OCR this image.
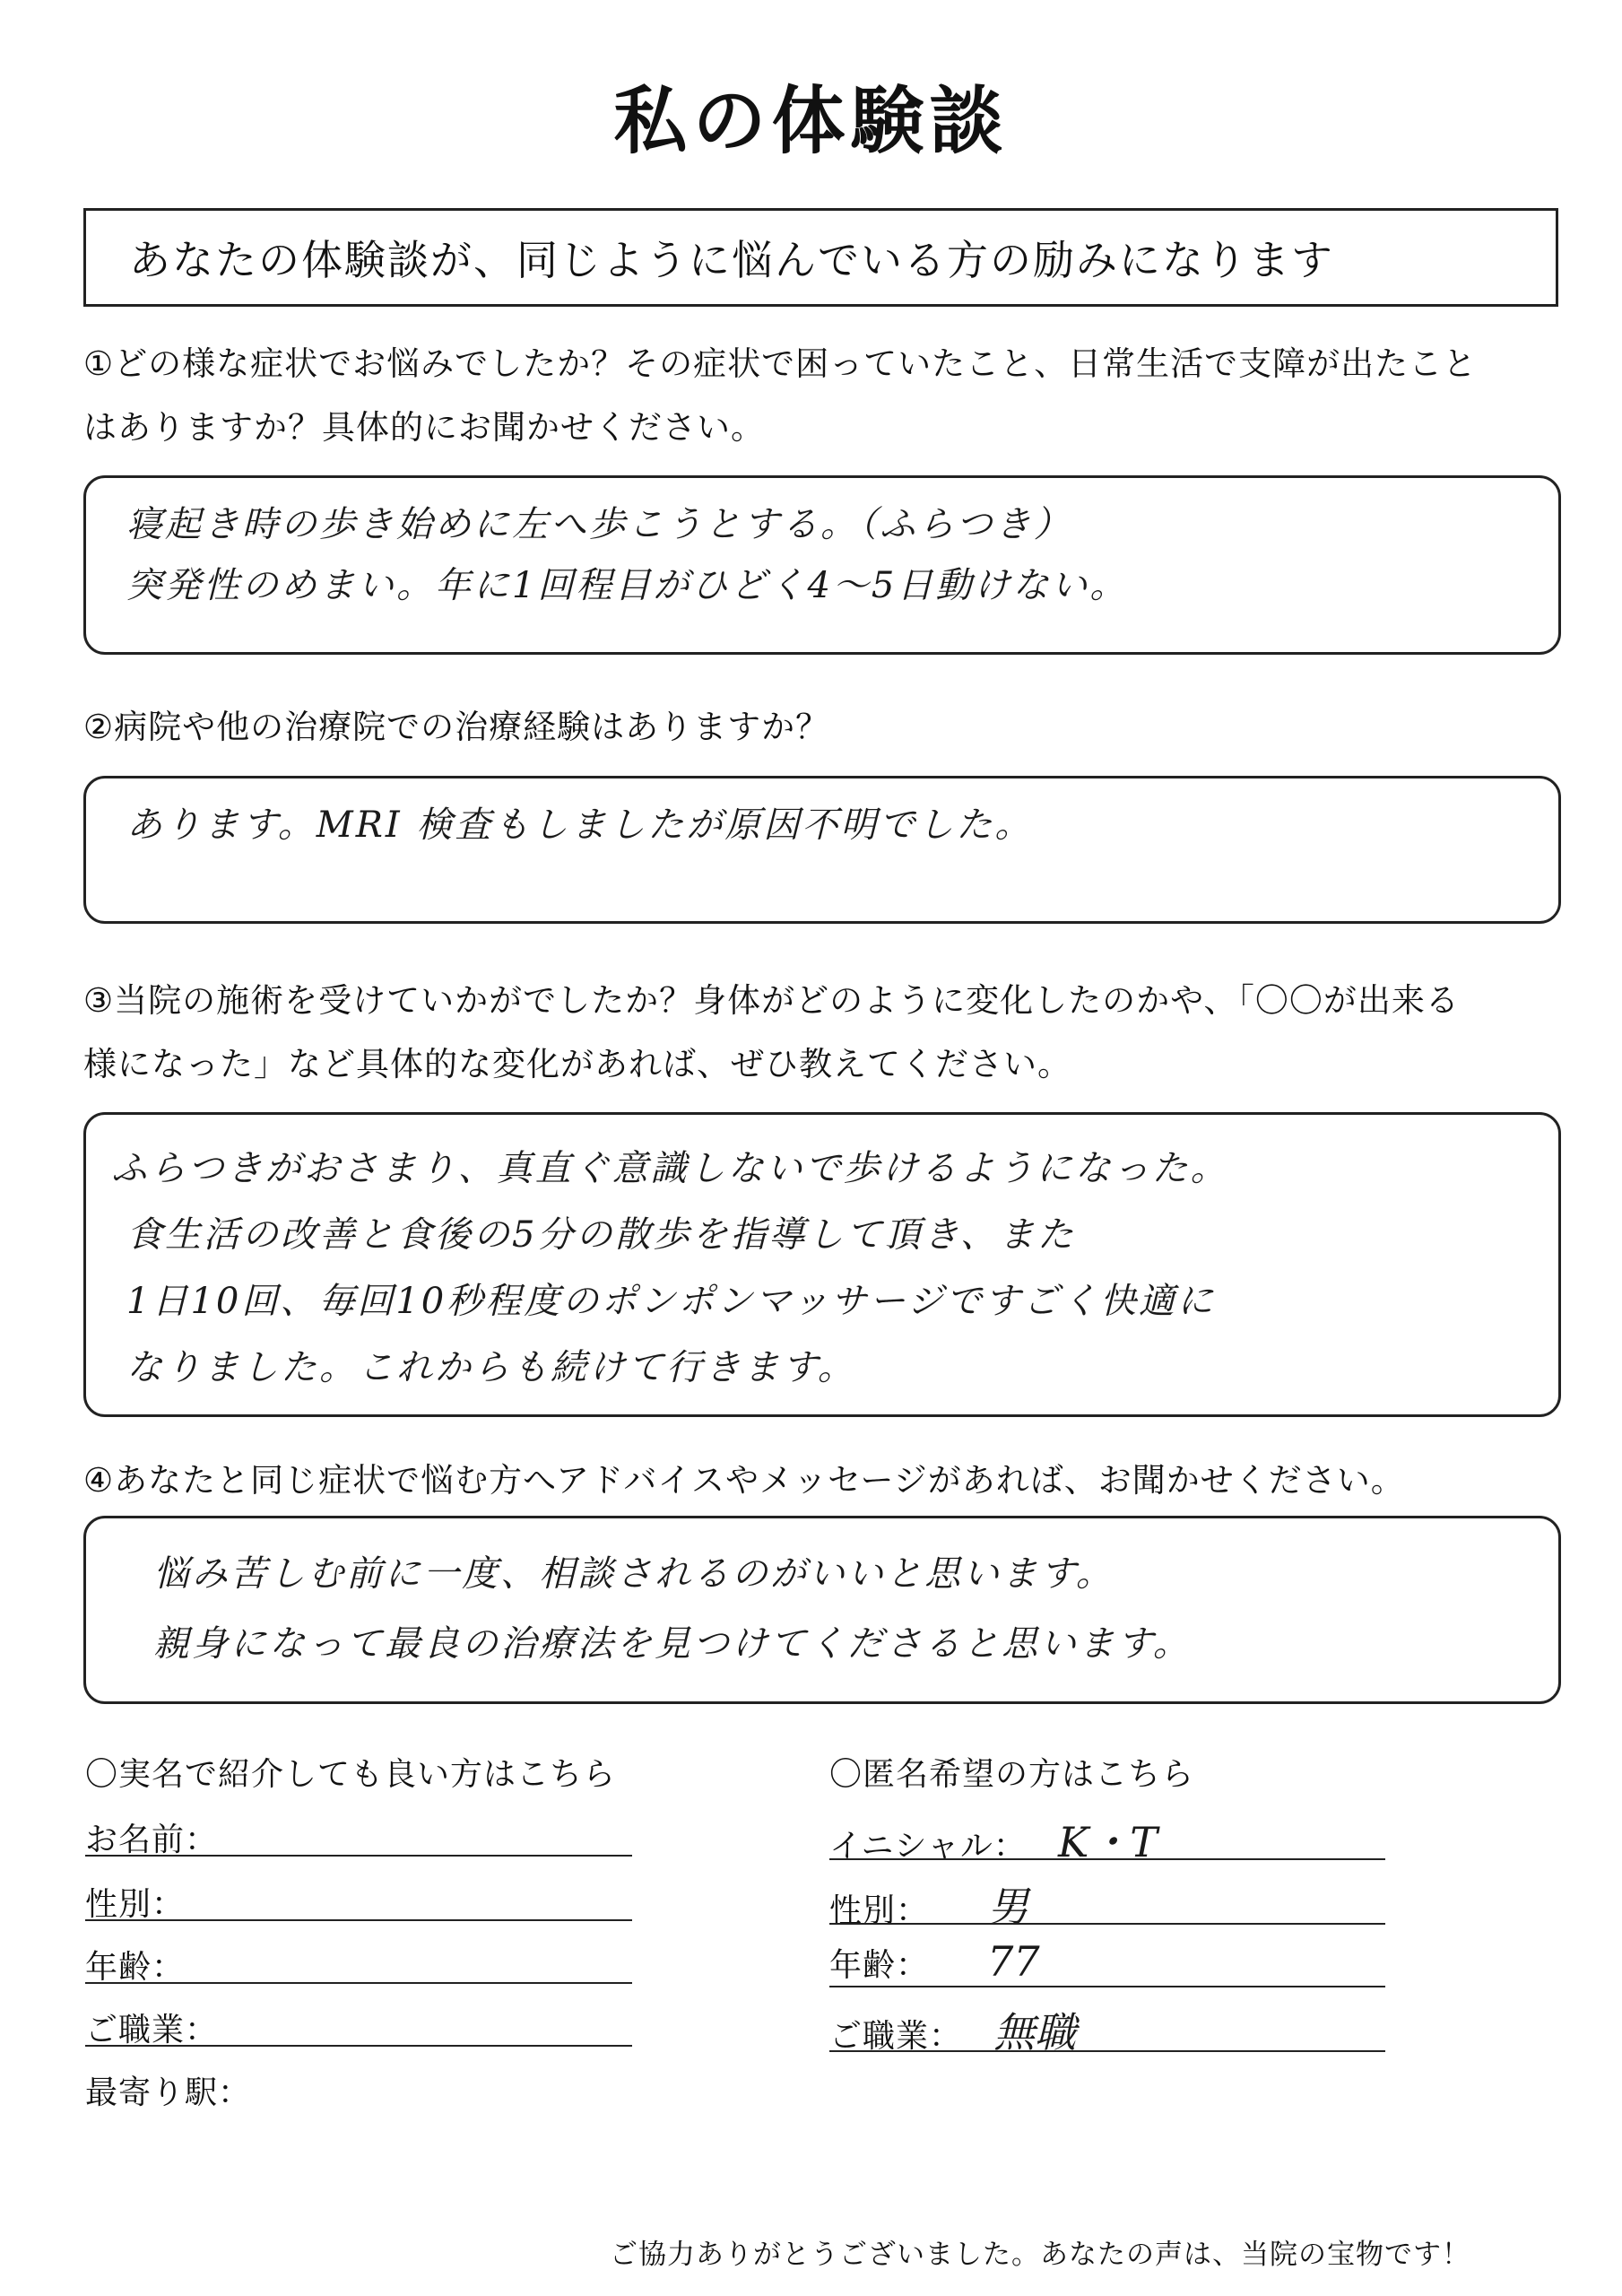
私の体験談
あなたの体験談が、同じように悩んでいる方の励みになります
①どの様な症状でお悩みでしたか？その症状で困っていたこと、日常生活で支障が出たこと
はありますか？具体的にお聞かせください。
寝起き時の歩き始めに左へ歩こうとする。（ふらつき）
突発性のめまい。年に1回程目がひどく4〜5日動けない。
②病院や他の治療院での治療経験はありますか？
あります。MRI 検査もしましたが原因不明でした。
③当院の施術を受けていかがでしたか？身体がどのように変化したのかや、「〇〇が出来る
様になった」など具体的な変化があれば、ぜひ教えてください。
ふらつきがおさまり、真直ぐ意識しないで歩けるようになった。
食生活の改善と食後の5分の散歩を指導して頂き、また
1日10回、毎回10秒程度のポンポンマッサージですごく快適に
なりました。これからも続けて行きます。
④あなたと同じ症状で悩む方へアドバイスやメッセージがあれば、お聞かせください。
悩み苦しむ前に一度、相談されるのがいいと思います。
親身になって最良の治療法を見つけてくださると思います。
〇実名で紹介しても良い方はこちら
お名前：
性別：
年齢：
ご職業：
最寄り駅：
〇匿名希望の方はこちら
イニシャル： K・T
性別： 男
年齢： 77
ご職業： 無職
ご協力ありがとうございました。あなたの声は、当院の宝物です！
